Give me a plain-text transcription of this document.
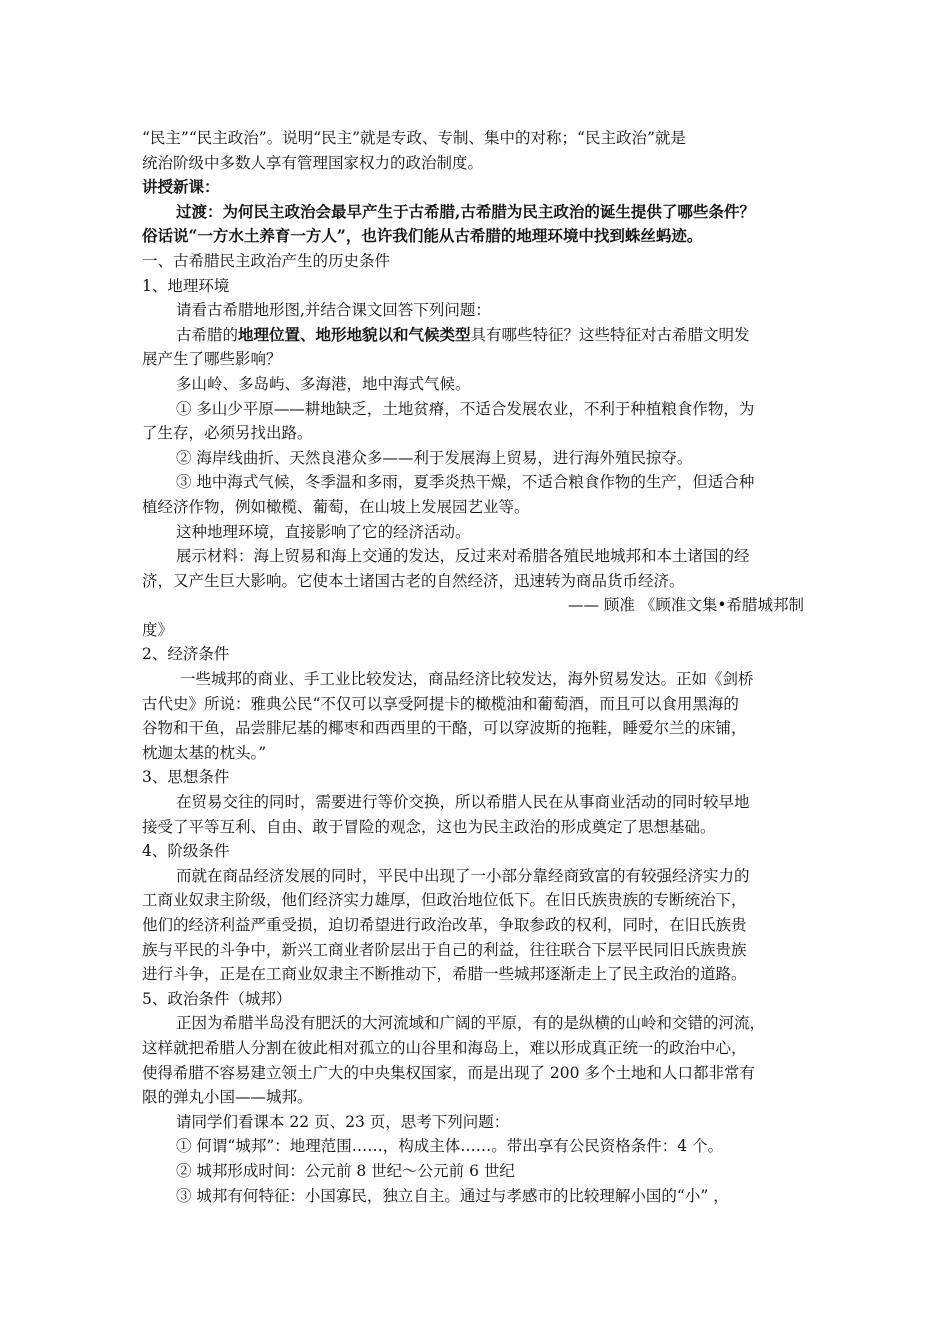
“民主”“民主政治”。说明“民主”就是专政、专制、集中的对称；“民主政治”就是

统治阶级中多数人享有管理国家权力的政治制度。

讲授新课：

过渡：为何民主政治会最早产生于古希腊,古希腊为民主政治的诞生提供了哪些条件？

俗话说“一方水土养育一方人”，也许我们能从古希腊的地理环境中找到蛛丝蚂迹。

一、古希腊民主政治产生的历史条件

1、地理环境

请看古希腊地形图,并结合课文回答下列问题：

古希腊的地理位置、地形地貌以和气候类型具有哪些特征？这些特征对古希腊文明发

展产生了哪些影响？

多山岭、多岛屿、多海港，地中海式气候。

① 多山少平原——耕地缺乏，土地贫瘠，不适合发展农业，不利于种植粮食作物，为

了生存，必须另找出路。

② 海岸线曲折、天然良港众多——利于发展海上贸易，进行海外殖民掠夺。

③ 地中海式气候，冬季温和多雨，夏季炎热干燥，不适合粮食作物的生产，但适合种

植经济作物，例如橄榄、葡萄，在山坡上发展园艺业等。

这种地理环境，直接影响了它的经济活动。

展示材料：海上贸易和海上交通的发达，反过来对希腊各殖民地城邦和本土诸国的经

济，又产生巨大影响。它使本土诸国古老的自然经济，迅速转为商品货币经济。

—— 顾准 《顾准文集•希腊城邦制

度》

2、经济条件

一些城邦的商业、手工业比较发达，商品经济比较发达，海外贸易发达。正如《剑桥

古代史》所说：雅典公民“不仅可以享受阿提卡的橄榄油和葡萄酒，而且可以食用黑海的

谷物和干鱼，品尝腓尼基的椰枣和西西里的干酪，可以穿波斯的拖鞋，睡爱尔兰的床铺，

枕迦太基的枕头。”

3、思想条件

在贸易交往的同时，需要进行等价交换，所以希腊人民在从事商业活动的同时较早地

接受了平等互利、自由、敢于冒险的观念，这也为民主政治的形成奠定了思想基础。

4、阶级条件

而就在商品经济发展的同时，平民中出现了一小部分靠经商致富的有较强经济实力的

工商业奴隶主阶级，他们经济实力雄厚，但政治地位低下。在旧氏族贵族的专断统治下，

他们的经济利益严重受损，迫切希望进行政治改革，争取参政的权利，同时，在旧氏族贵

族与平民的斗争中，新兴工商业者阶层出于自己的利益，往往联合下层平民同旧氏族贵族

进行斗争，正是在工商业奴隶主不断推动下，希腊一些城邦逐渐走上了民主政治的道路。

5、政治条件（城邦）

正因为希腊半岛没有肥沃的大河流域和广阔的平原，有的是纵横的山岭和交错的河流，

这样就把希腊人分割在彼此相对孤立的山谷里和海岛上，难以形成真正统一的政治中心，

使得希腊不容易建立领土广大的中央集权国家，而是出现了 200 多个土地和人口都非常有

限的弹丸小国——城邦。

请同学们看课本 22 页、23 页，思考下列问题：

① 何谓“城邦”：地理范围……，构成主体……。带出享有公民资格条件：4 个。

② 城邦形成时间：公元前 8 世纪～公元前 6 世纪

③ 城邦有何特征：小国寡民，独立自主。通过与孝感市的比较理解小国的“小” ，
